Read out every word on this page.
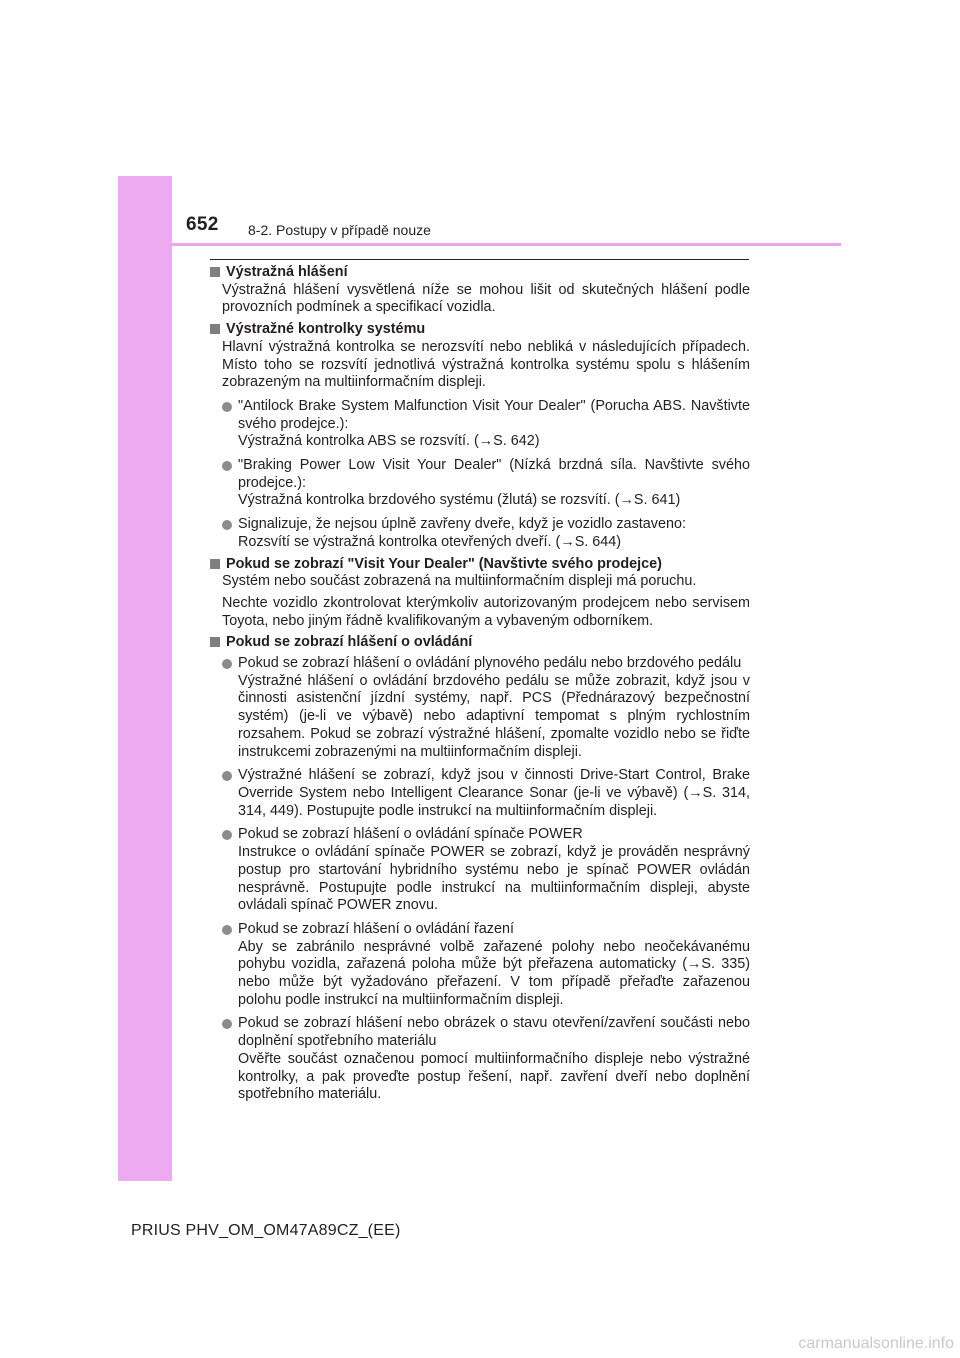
652 8-2. Postupy v případě nouze
Výstražná hlášení
Výstražná hlášení vysvětlená níže se mohou lišit od skutečných hlášení podle provozních podmínek a specifikací vozidla.
Výstražné kontrolky systému
Hlavní výstražná kontrolka se nerozsvítí nebo nebliká v následujících případech. Místo toho se rozsvítí jednotlivá výstražná kontrolka systému spolu s hlášením zobrazeným na multiinformačním displeji.
"Antilock Brake System Malfunction Visit Your Dealer" (Porucha ABS. Navštivte svého prodejce.):
Výstražná kontrolka ABS se rozsvítí. (→S. 642)
"Braking Power Low Visit Your Dealer" (Nízká brzdná síla. Navštivte svého prodejce.):
Výstražná kontrolka brzdového systému (žlutá) se rozsvítí. (→S. 641)
Signalizuje, že nejsou úplně zavřeny dveře, když je vozidlo zastaveno:
Rozsvítí se výstražná kontrolka otevřených dveří. (→S. 644)
Pokud se zobrazí "Visit Your Dealer" (Navštivte svého prodejce)
Systém nebo součást zobrazená na multiinformačním displeji má poruchu.
Nechte vozidlo zkontrolovat kterýmkoliv autorizovaným prodejcem nebo servisem Toyota, nebo jiným řádně kvalifikovaným a vybaveným odborníkem.
Pokud se zobrazí hlášení o ovládání
Pokud se zobrazí hlášení o ovládání plynového pedálu nebo brzdového pedálu
Výstražné hlášení o ovládání brzdového pedálu se může zobrazit, když jsou v činnosti asistenční jízdní systémy, např. PCS (Přednárazový bezpečnostní systém) (je-li ve výbavě) nebo adaptivní tempomat s plným rychlostním rozsahem. Pokud se zobrazí výstražné hlášení, zpomalte vozidlo nebo se řiďte instrukcemi zobrazenými na multiinformačním displeji.
Výstražné hlášení se zobrazí, když jsou v činnosti Drive-Start Control, Brake Override System nebo Intelligent Clearance Sonar (je-li ve výbavě) (→S. 314, 314, 449). Postupujte podle instrukcí na multiinformačním displeji.
Pokud se zobrazí hlášení o ovládání spínače POWER
Instrukce o ovládání spínače POWER se zobrazí, když je prováděn nesprávný postup pro startování hybridního systému nebo je spínač POWER ovládán nesprávně. Postupujte podle instrukcí na multiinformačním displeji, abyste ovládali spínač POWER znovu.
Pokud se zobrazí hlášení o ovládání řazení
Aby se zabránilo nesprávné volbě zařazené polohy nebo neočekávanému pohybu vozidla, zařazená poloha může být přeřazena automaticky (→S. 335) nebo může být vyžadováno přeřazení. V tom případě přeřaďte zařazenou polohu podle instrukcí na multiinformačním displeji.
Pokud se zobrazí hlášení nebo obrázek o stavu otevření/zavření součásti nebo doplnění spotřebního materiálu
Ověřte součást označenou pomocí multiinformačního displeje nebo výstražné kontrolky, a pak proveďte postup řešení, např. zavření dveří nebo doplnění spotřebního materiálu.
PRIUS PHV_OM_OM47A89CZ_(EE)
carmanualsonline.info
